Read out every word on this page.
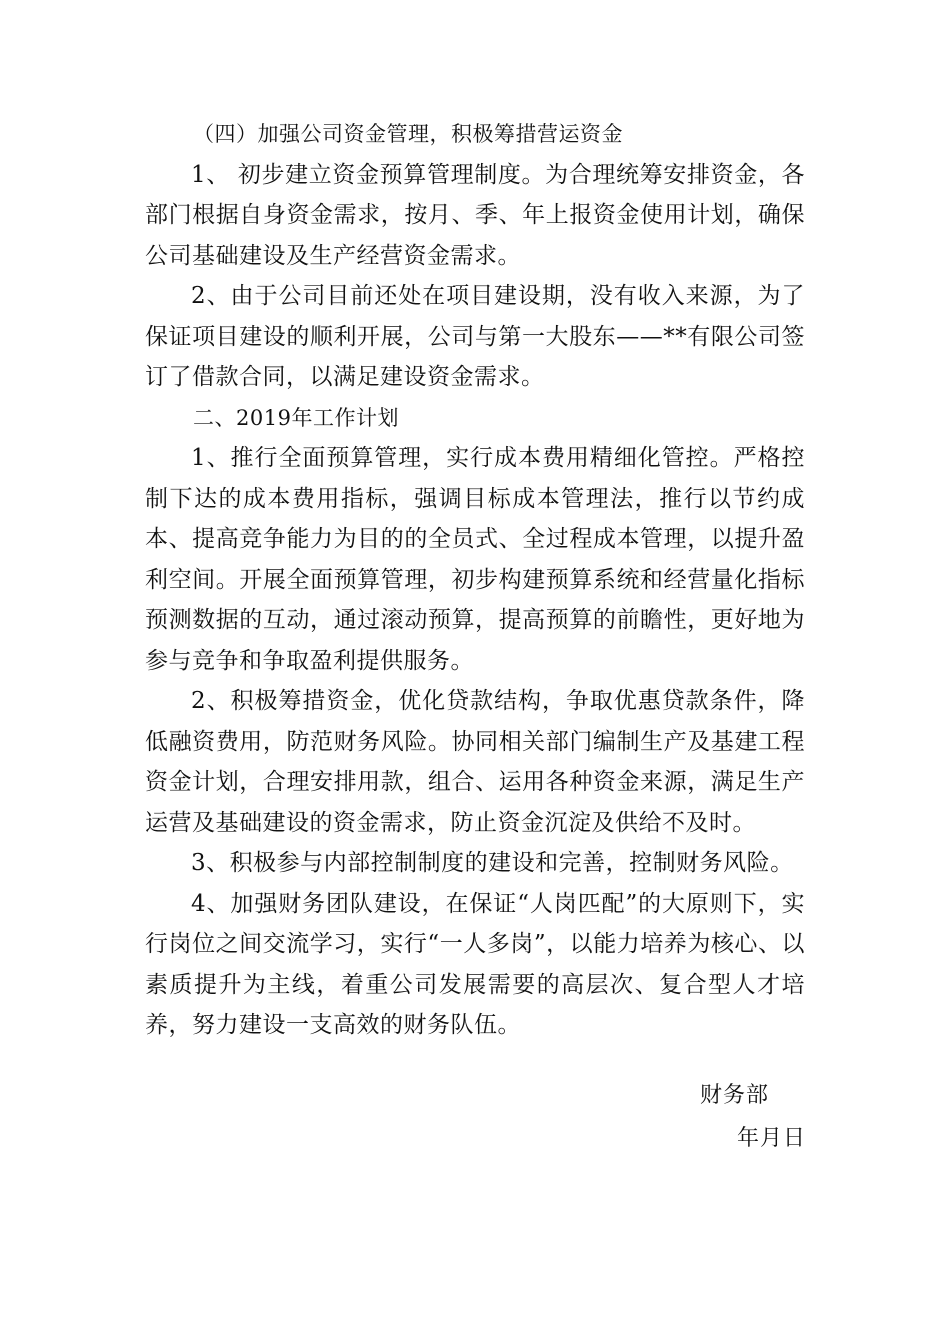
（四）加强公司资金管理，积极筹措营运资金

1、 初步建立资金预算管理制度。为合理统筹安排资金，各部门根据自身资金需求，按月、季、年上报资金使用计划，确保公司基础建设及生产经营资金需求。

2、由于公司目前还处在项目建设期，没有收入来源，为了保证项目建设的顺利开展，公司与第一大股东——**有限公司签订了借款合同，以满足建设资金需求。

二、2019年工作计划

1、推行全面预算管理，实行成本费用精细化管控。严格控制下达的成本费用指标，强调目标成本管理法，推行以节约成本、提高竞争能力为目的的全员式、全过程成本管理，以提升盈利空间。开展全面预算管理，初步构建预算系统和经营量化指标预测数据的互动，通过滚动预算，提高预算的前瞻性，更好地为参与竞争和争取盈利提供服务。

2、积极筹措资金，优化贷款结构，争取优惠贷款条件，降低融资费用，防范财务风险。协同相关部门编制生产及基建工程资金计划，合理安排用款，组合、运用各种资金来源，满足生产运营及基础建设的资金需求，防止资金沉淀及供给不及时。

3、积极参与内部控制制度的建设和完善，控制财务风险。

4、加强财务团队建设，在保证“人岗匹配”的大原则下，实行岗位之间交流学习，实行“一人多岗”，以能力培养为核心、以素质提升为主线，着重公司发展需要的高层次、复合型人才培养，努力建设一支高效的财务队伍。

财务部

年月日
